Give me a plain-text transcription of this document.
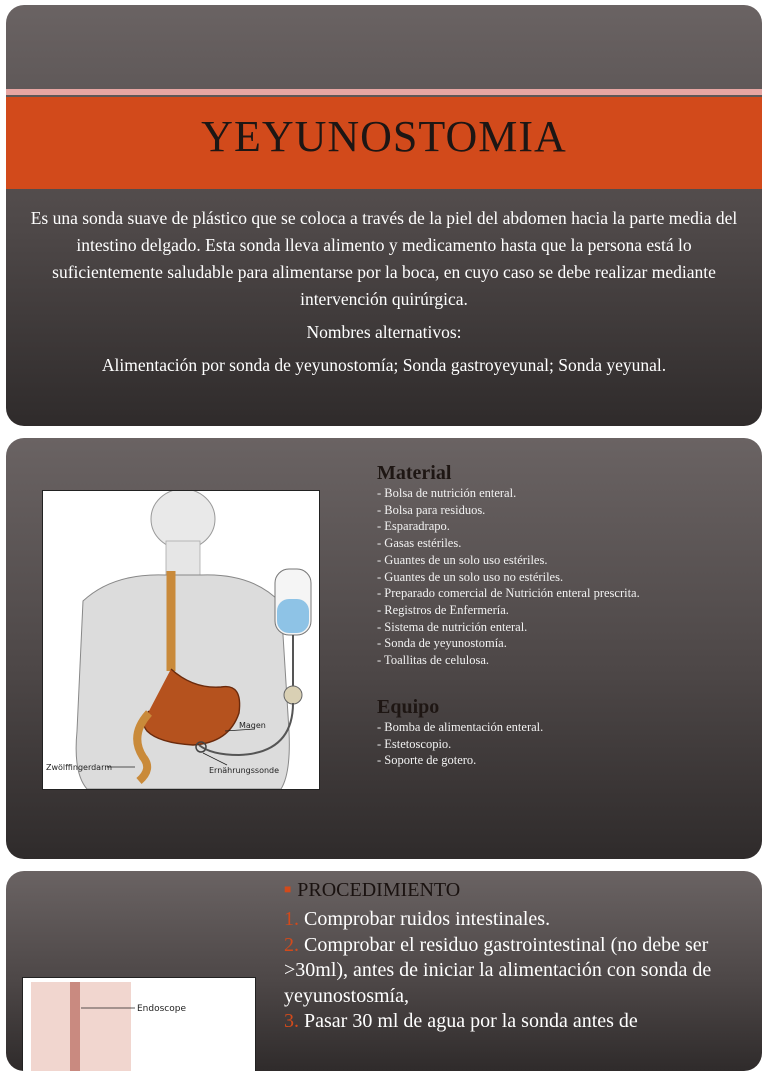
YEYUNOSTOMIA

Es una sonda suave de plástico que se coloca a través de la piel del abdomen hacia la parte media del intestino delgado. Esta sonda lleva alimento y medicamento hasta que la persona está lo suficientemente saludable para alimentarse por la boca, en cuyo caso se debe realizar mediante intervención quirúrgica.

Nombres alternativos:

Alimentación por sonda de yeyunostomía; Sonda gastroyeyunal; Sonda yeyunal.

Magen
Ernährungssonde
Zwölffingerdarm

Material

- Bolsa de nutrición enteral.
- Bolsa para residuos.
- Esparadrapo.
- Gasas estériles.
- Guantes de un solo uso estériles.
- Guantes de un solo uso no estériles.
- Preparado comercial de Nutrición enteral prescrita.
- Registros de Enfermería.
- Sistema de nutrición enteral.
- Sonda de yeyunostomía.
- Toallitas de celulosa.

Equipo

- Bomba de alimentación enteral.
- Estetoscopio.
- Soporte de gotero.
Endoscope
■ PROCEDIMIENTO

1. Comprobar ruidos intestinales.

2. Comprobar el residuo gastrointestinal (no debe ser >30ml), antes de iniciar la alimentación con sonda de yeyunostosmía,

3. Pasar 30 ml de agua por la sonda antes de
